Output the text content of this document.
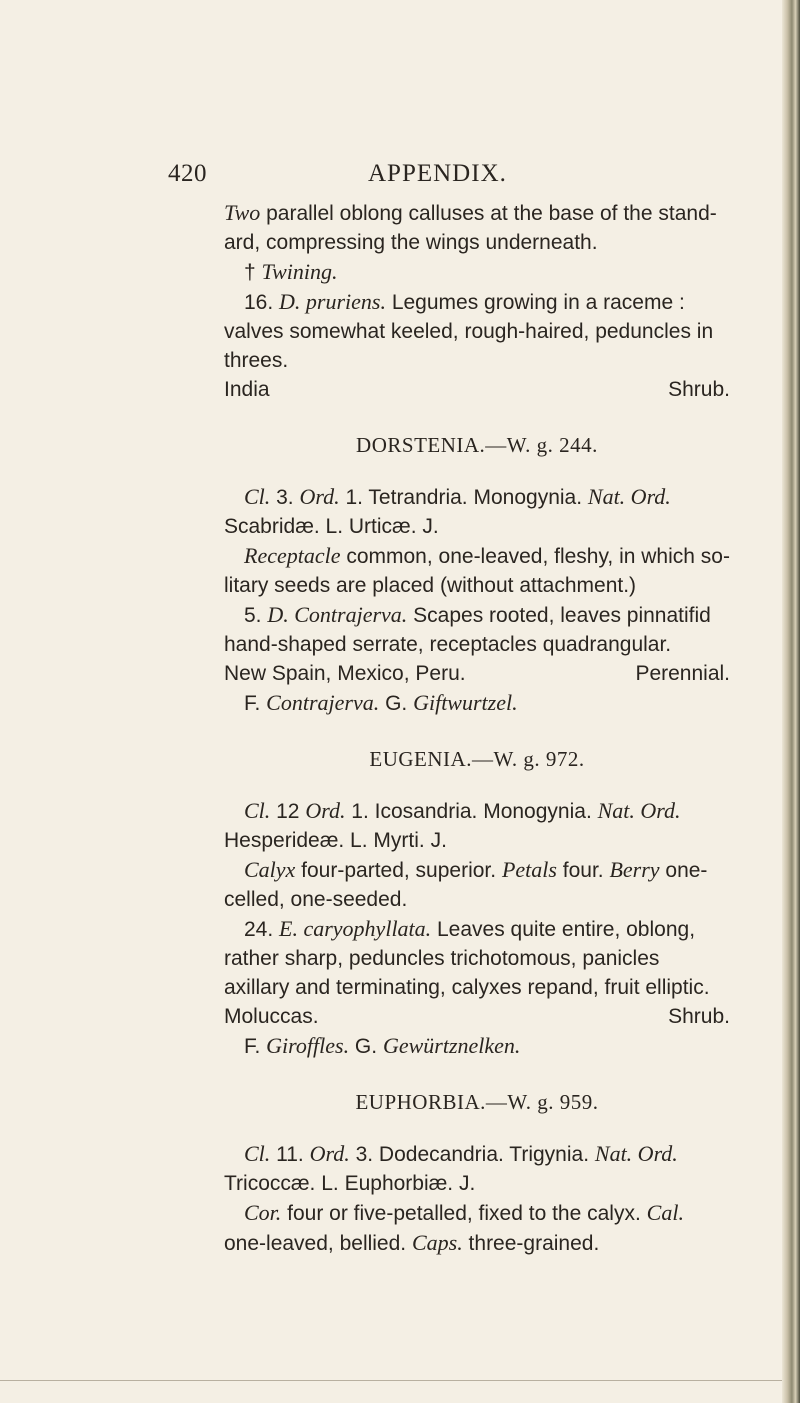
420	APPENDIX.

Two parallel oblong calluses at the base of the stand-ard, compressing the wings underneath.

† Twining.

16. D. pruriens. Legumes growing in a raceme : valves somewhat keeled, rough-haired, peduncles in threes.

India	Shrub.

DORSTENIA.—W. g. 244.

Cl. 3. Ord. 1. Tetrandria. Monogynia. Nat. Ord. Scabridæ. L. Urticæ. J.

Receptacle common, one-leaved, fleshy, in which so-litary seeds are placed (without attachment.)

5. D. Contrajerva. Scapes rooted, leaves pinnatifid hand-shaped serrate, receptacles quadrangular.

New Spain, Mexico, Peru.	Perennial.

F. Contrajerva. G. Giftwurtzel.

EUGENIA.—W. g. 972.

Cl. 12 Ord. 1. Icosandria. Monogynia. Nat. Ord. Hesperideæ. L. Myrti. J.

Calyx four-parted, superior. Petals four. Berry one-celled, one-seeded.

24. E. caryophyllata. Leaves quite entire, oblong, rather sharp, peduncles trichotomous, panicles axillary and terminating, calyxes repand, fruit elliptic.

Moluccas.	Shrub.

F. Giroffles. G. Gewürtznelken.

EUPHORBIA.—W. g. 959.

Cl. 11. Ord. 3. Dodecandria. Trigynia. Nat. Ord. Tricoccæ. L. Euphorbiæ. J.

Cor. four or five-petalled, fixed to the calyx. Cal. one-leaved, bellied. Caps. three-grained.
